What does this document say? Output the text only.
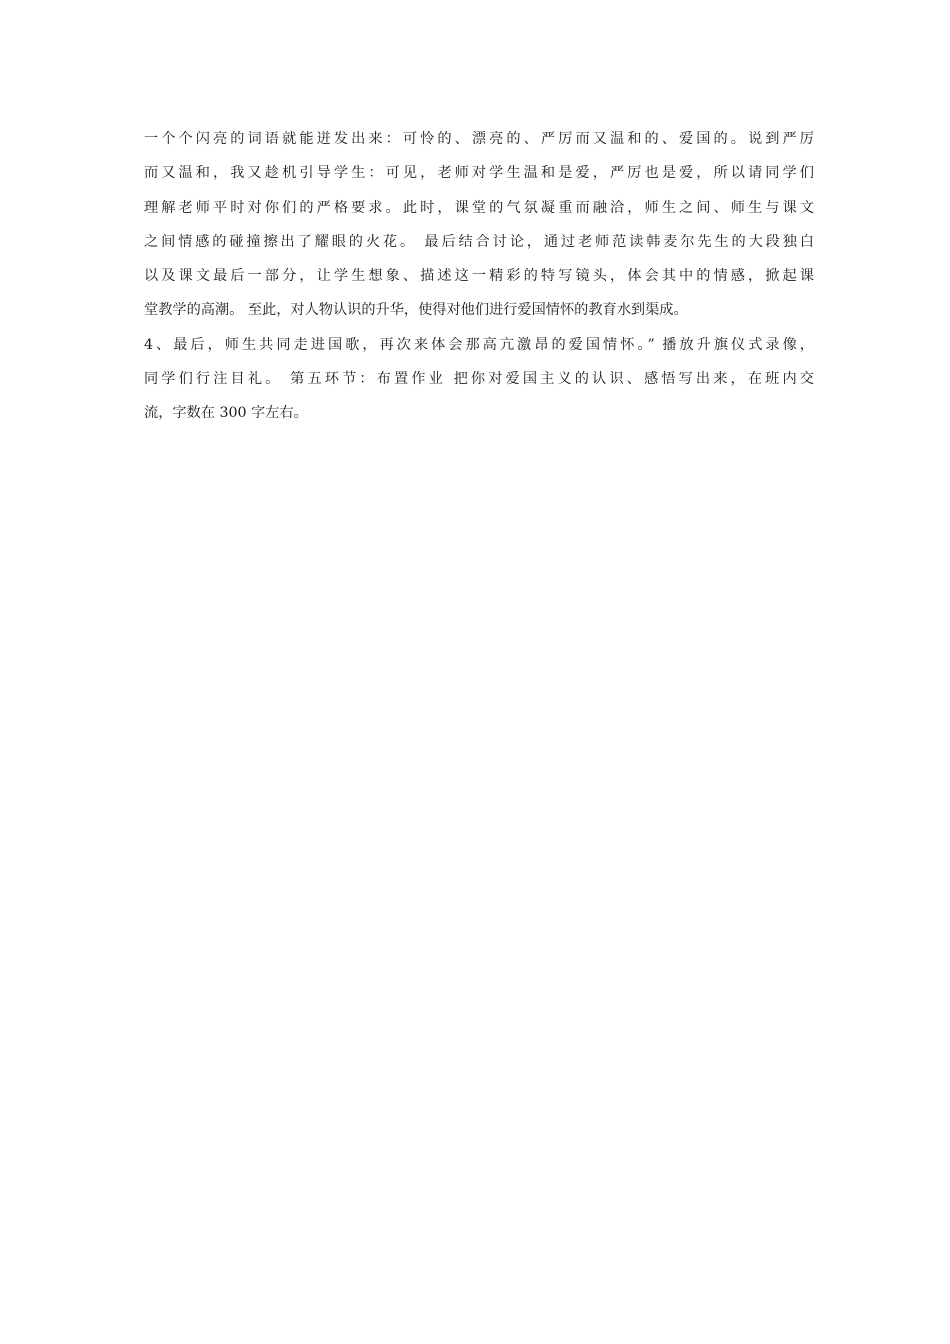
一个个闪亮的词语就能迸发出来：可怜的、漂亮的、严厉而又温和的、爱国的。说到严厉
而又温和，我又趁机引导学生：可见，老师对学生温和是爱，严厉也是爱，所以请同学们
理解老师平时对你们的严格要求。此时，课堂的气氛凝重而融洽，师生之间、师生与课文
之间情感的碰撞擦出了耀眼的火花。 最后结合讨论，通过老师范读韩麦尔先生的大段独白
以及课文最后一部分，让学生想象、描述这一精彩的特写镜头，体会其中的情感，掀起课
堂教学的高潮。 至此，对人物认识的升华，使得对他们进行爱国情怀的教育水到渠成。
4、最后，师生共同走进国歌，再次来体会那高亢激昂的爱国情怀。” 播放升旗仪式录像，
同学们行注目礼。 第五环节：布置作业 把你对爱国主义的认识、感悟写出来，在班内交
流，字数在 300 字左右。
